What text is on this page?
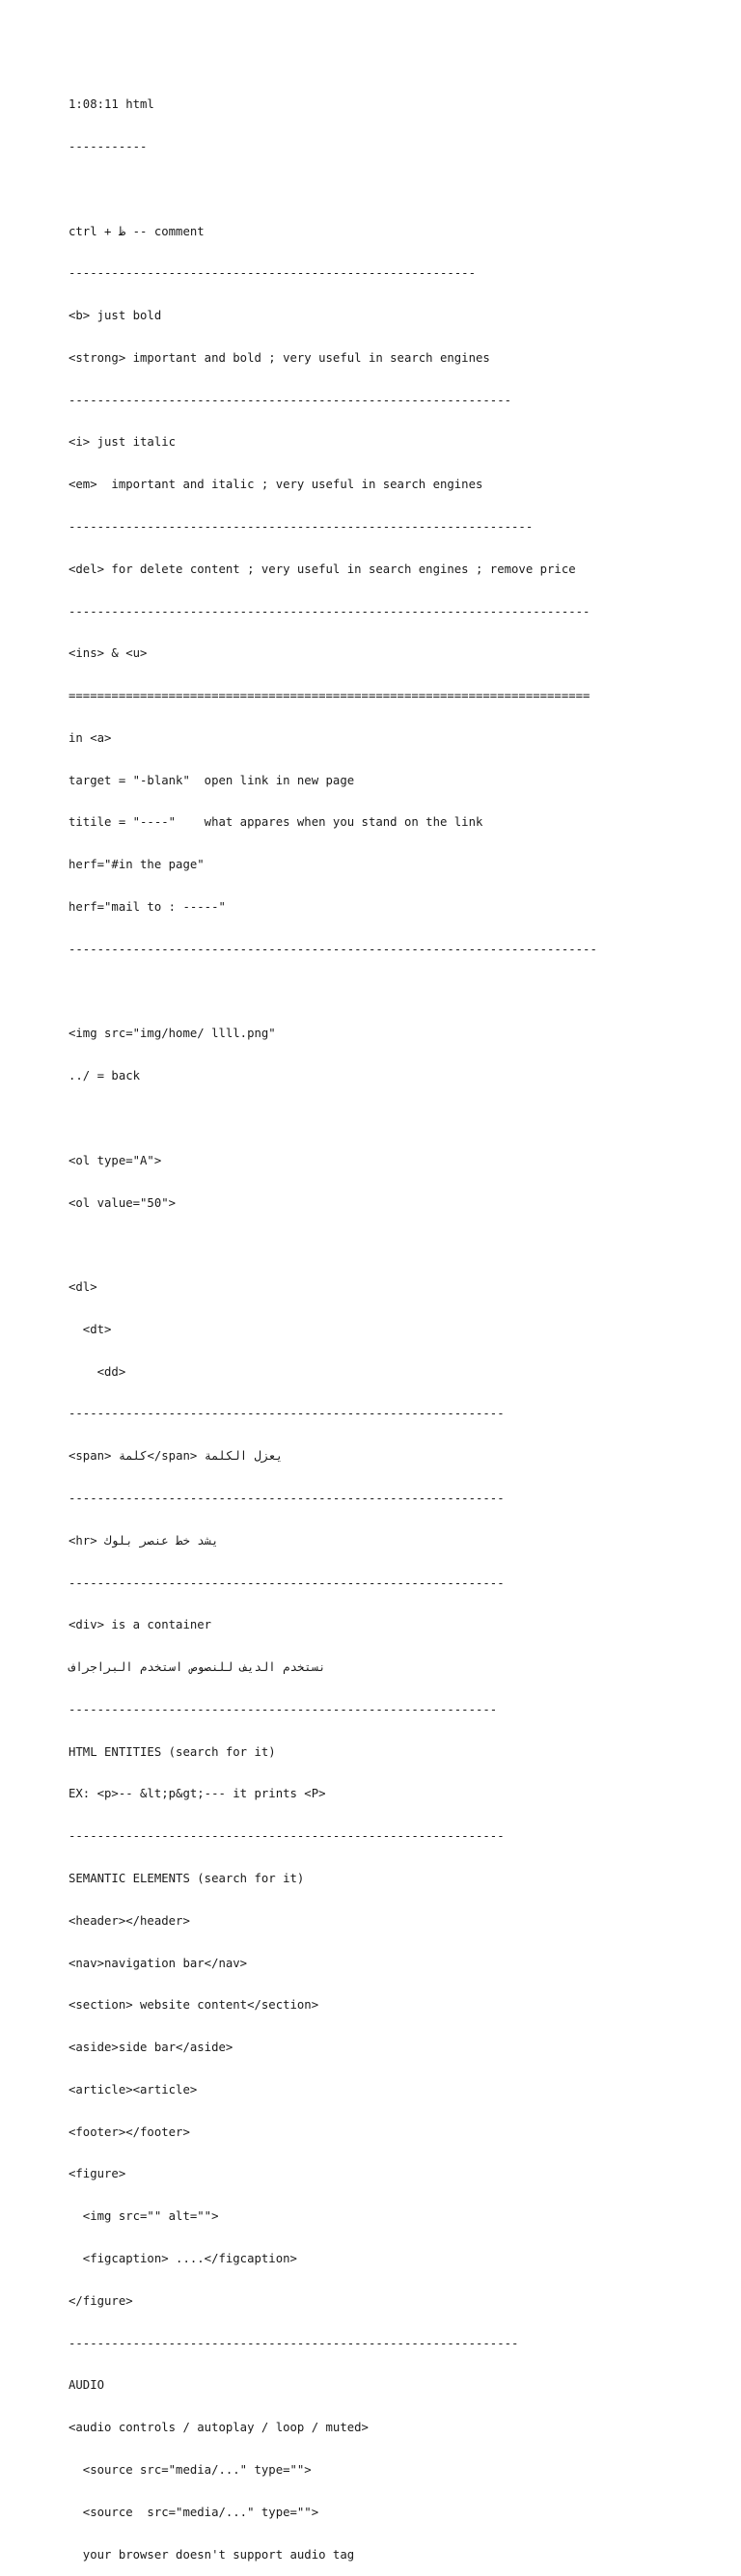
1:08:11 html

-----------

ctrl + ظ -- comment

---------------------------------------------------------

<b> just bold

<strong> important and bold ; very useful in search engines

--------------------------------------------------------------

<i> just italic

<em>  important and italic ; very useful in search engines

-----------------------------------------------------------------

<del> for delete content ; very useful in search engines ; remove price

-------------------------------------------------------------------------

<ins> & <u>

=========================================================================

in <a>

target = "-blank"  open link in new page

titile = "----"    what appares when you stand on the link

herf="#in the page"

herf="mail to : -----"

--------------------------------------------------------------------------

<img src="img/home/ llll.png"

../ = back

<ol type="A">

<ol value="50">

<dl>

<dt>

<dd>

-------------------------------------------------------------

<span> كلمة</span> يعزل الكلمة

-------------------------------------------------------------

<hr> يشد خط عنصر بلوك

-------------------------------------------------------------

<div> is a container

نستخدم الديف للنصوص استخدم البراجراف

------------------------------------------------------------

HTML ENTITIES (search for it)

EX: <p>-- &lt;p&gt;--- it prints <P>

-------------------------------------------------------------

SEMANTIC ELEMENTS (search for it)

<header></header>

<nav>navigation bar</nav>

<section> website content</section>

<aside>side bar</aside>

<article><article>

<footer></footer>

<figure>

<img src="" alt="">

<figcaption> ....</figcaption>

</figure>

---------------------------------------------------------------

AUDIO

<audio controls / autoplay / loop / muted>

<source src="media/..." type="">

<source  src="media/..." type="">

your browser doesn't support audio tag
